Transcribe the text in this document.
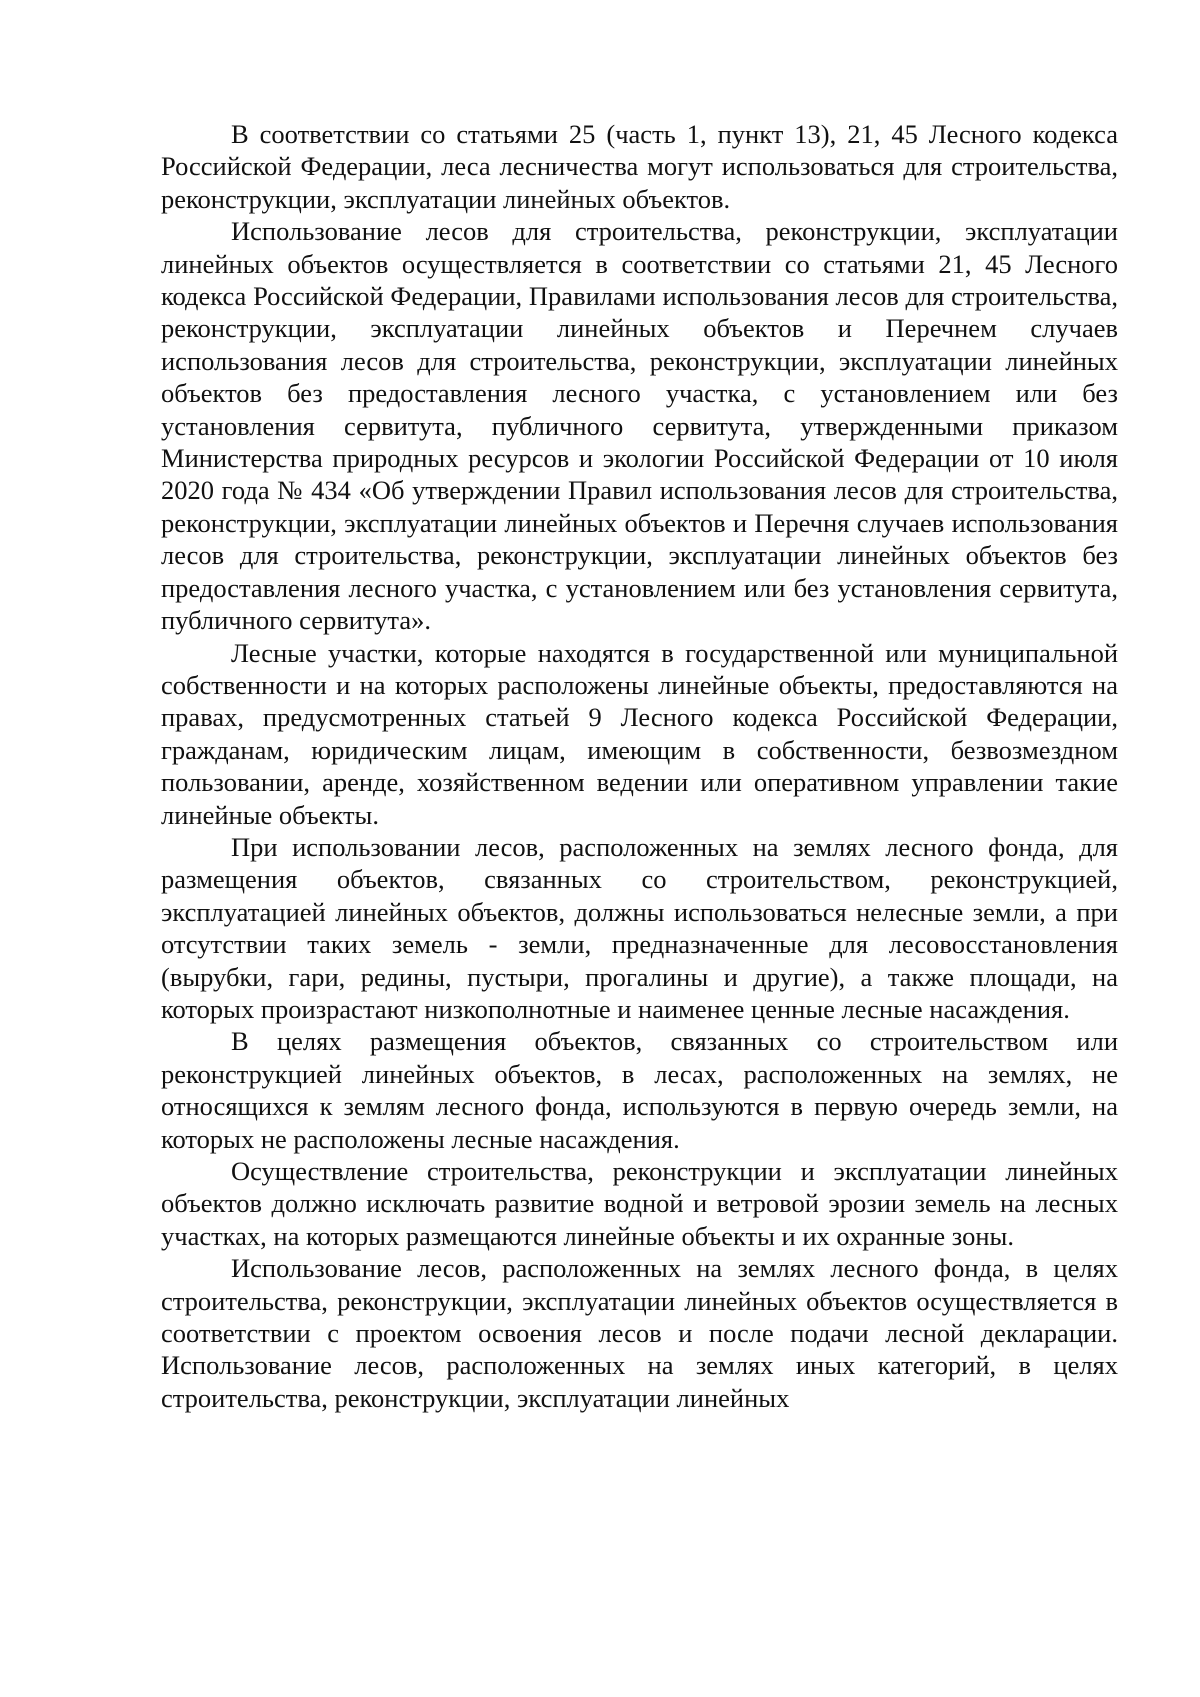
В соответствии со статьями 25 (часть 1, пункт 13), 21, 45 Лесного кодекса Российской Федерации, леса лесничества могут использоваться для строительства, реконструкции, эксплуатации линейных объектов.

Использование лесов для строительства, реконструкции, эксплуатации линейных объектов осуществляется в соответствии со статьями 21, 45 Лесного кодекса Российской Федерации, Правилами использования лесов для строительства, реконструкции, эксплуатации линейных объектов и Перечнем случаев использования лесов для строительства, реконструкции, эксплуатации линейных объектов без предоставления лесного участка, с установлением или без установления сервитута, публичного сервитута, утвержденными приказом Министерства природных ресурсов и экологии Российской Федерации от 10 июля 2020 года № 434 «Об утверждении Правил использования лесов для строительства, реконструкции, эксплуатации линейных объектов и Перечня случаев использования лесов для строительства, реконструкции, эксплуатации линейных объектов без предоставления лесного участка, с установлением или без установления сервитута, публичного сервитута».

Лесные участки, которые находятся в государственной или муниципальной собственности и на которых расположены линейные объекты, предоставляются на правах, предусмотренных статьей 9 Лесного кодекса Российской Федерации, гражданам, юридическим лицам, имеющим в собственности, безвозмездном пользовании, аренде, хозяйственном ведении или оперативном управлении такие линейные объекты.

При использовании лесов, расположенных на землях лесного фонда, для размещения объектов, связанных со строительством, реконструкцией, эксплуатацией линейных объектов, должны использоваться нелесные земли, а при отсутствии таких земель - земли, предназначенные для лесовосстановления (вырубки, гари, редины, пустыри, прогалины и другие), а также площади, на которых произрастают низкополнотные и наименее ценные лесные насаждения.

В целях размещения объектов, связанных со строительством или реконструкцией линейных объектов, в лесах, расположенных на землях, не относящихся к землям лесного фонда, используются в первую очередь земли, на которых не расположены лесные насаждения.

Осуществление строительства, реконструкции и эксплуатации линейных объектов должно исключать развитие водной и ветровой эрозии земель на лесных участках, на которых размещаются линейные объекты и их охранные зоны.

Использование лесов, расположенных на землях лесного фонда, в целях строительства, реконструкции, эксплуатации линейных объектов осуществляется в соответствии с проектом освоения лесов и после подачи лесной декларации. Использование лесов, расположенных на землях иных категорий, в целях строительства, реконструкции, эксплуатации линейных
